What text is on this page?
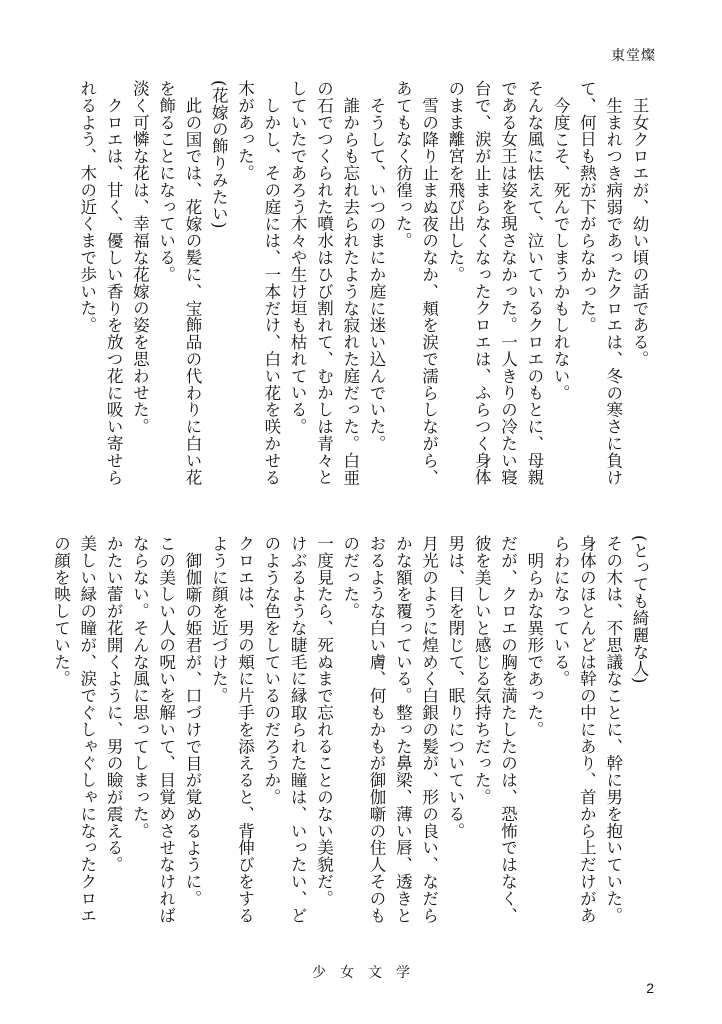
東堂燦

王女クロエが、幼い頃の話である。

生まれつき病弱であったクロエは、冬の寒さに負けて、何日も熱が下がらなかった。

今度こそ、死んでしまうかもしれない。

そんな風に怯えて、泣いているクロエのもとに、母親である女王は姿を現さなかった。一人きりの冷たい寝台で、涙が止まらなくなったクロエは、ふらつく身体のまま離宮を飛び出した。

雪の降り止まぬ夜のなか、頬を涙で濡らしながら、あてもなく彷徨った。

そうして、いつのまにか庭に迷い込んでいた。

誰からも忘れ去られたような寂れた庭だった。白亜の石でつくられた噴水はひび割れて、むかしは青々としていたであろう木々や生け垣も枯れている。

しかし、その庭には、一本だけ、白い花を咲かせる木があった。

(花嫁の飾りみたい)

此の国では、花嫁の髪に、宝飾品の代わりに白い花を飾ることになっている。

淡く可憐な花は、幸福な花嫁の姿を思わせた。

クロエは、甘く、優しい香りを放つ花に吸い寄せられるよう、木の近くまで歩いた。

(とっても綺麗な人)

その木は、不思議なことに、幹に男を抱いていた。

身体のほとんどは幹の中にあり、首から上だけがあらわになっている。

明らかな異形であった。

だが、クロエの胸を満たしたのは、恐怖ではなく、彼を美しいと感じる気持ちだった。

男は、目を閉じて、眠りについている。

月光のように煌めく白銀の髪が、形の良い、なだらかな額を覆っている。整った鼻梁、薄い唇、透きとおるような白い膚、何もかもが御伽噺の住人そのものだった。

一度見たら、死ぬまで忘れることのない美貌だ。

けぶるような睫毛に縁取られた瞳は、いったい、どのような色をしているのだろうか。

クロエは、男の頬に片手を添えると、背伸びをするように顔を近づけた。

御伽噺の姫君が、口づけで目が覚めるように。

この美しい人の呪いを解いて、目覚めさせなければならない。そんな風に思ってしまった。

かたい蕾が花開くように、男の瞼が震える。

美しい緑の瞳が、涙でぐしゃぐしゃになったクロエの顔を映していた。

少女文学
2
